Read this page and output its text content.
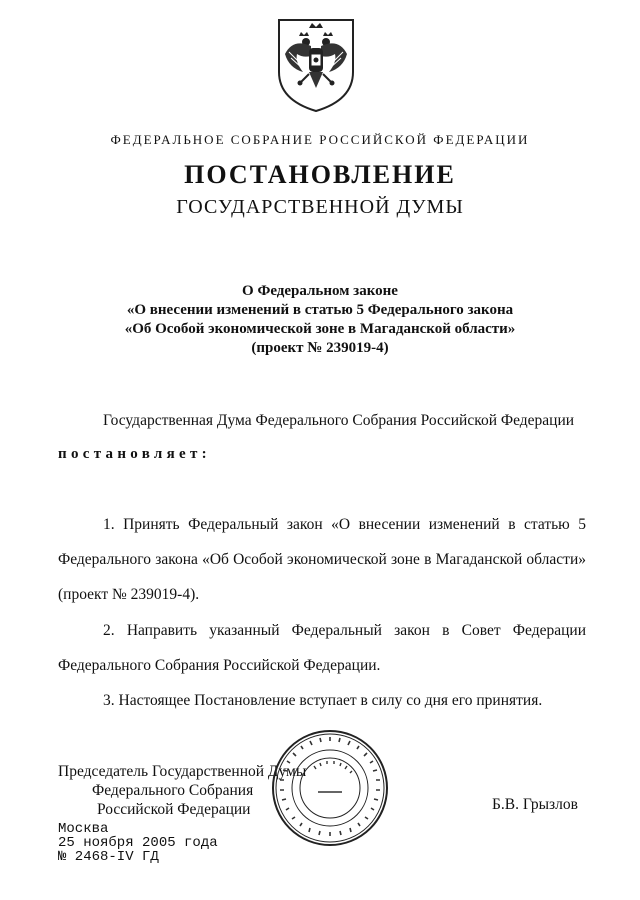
ФЕДЕРАЛЬНОЕ СОБРАНИЕ РОССИЙСКОЙ ФЕДЕРАЦИИ
ПОСТАНОВЛЕНИЕ
ГОСУДАРСТВЕННОЙ ДУМЫ
О Федеральном законе
«О внесении изменений в статью 5 Федерального закона
«Об Особой экономической зоне в Магаданской области»
(проект № 239019-4)
Государственная Дума Федерального Собрания Российской Федерации
постановляет:
1. Принять Федеральный закон «О внесении изменений в статью 5
Федерального закона «Об Особой экономической зоне в Магаданской области»
(проект № 239019-4).
2. Направить указанный Федеральный закон в Совет Федерации
Федерального Собрания Российской Федерации.
3. Настоящее Постановление вступает в силу со дня его принятия.
Председатель Государственной Думы
Федерального Собрания
Российской Федерации	Б.В. Грызлов
Москва
25 ноября 2005 года
№ 2468-IV ГД
